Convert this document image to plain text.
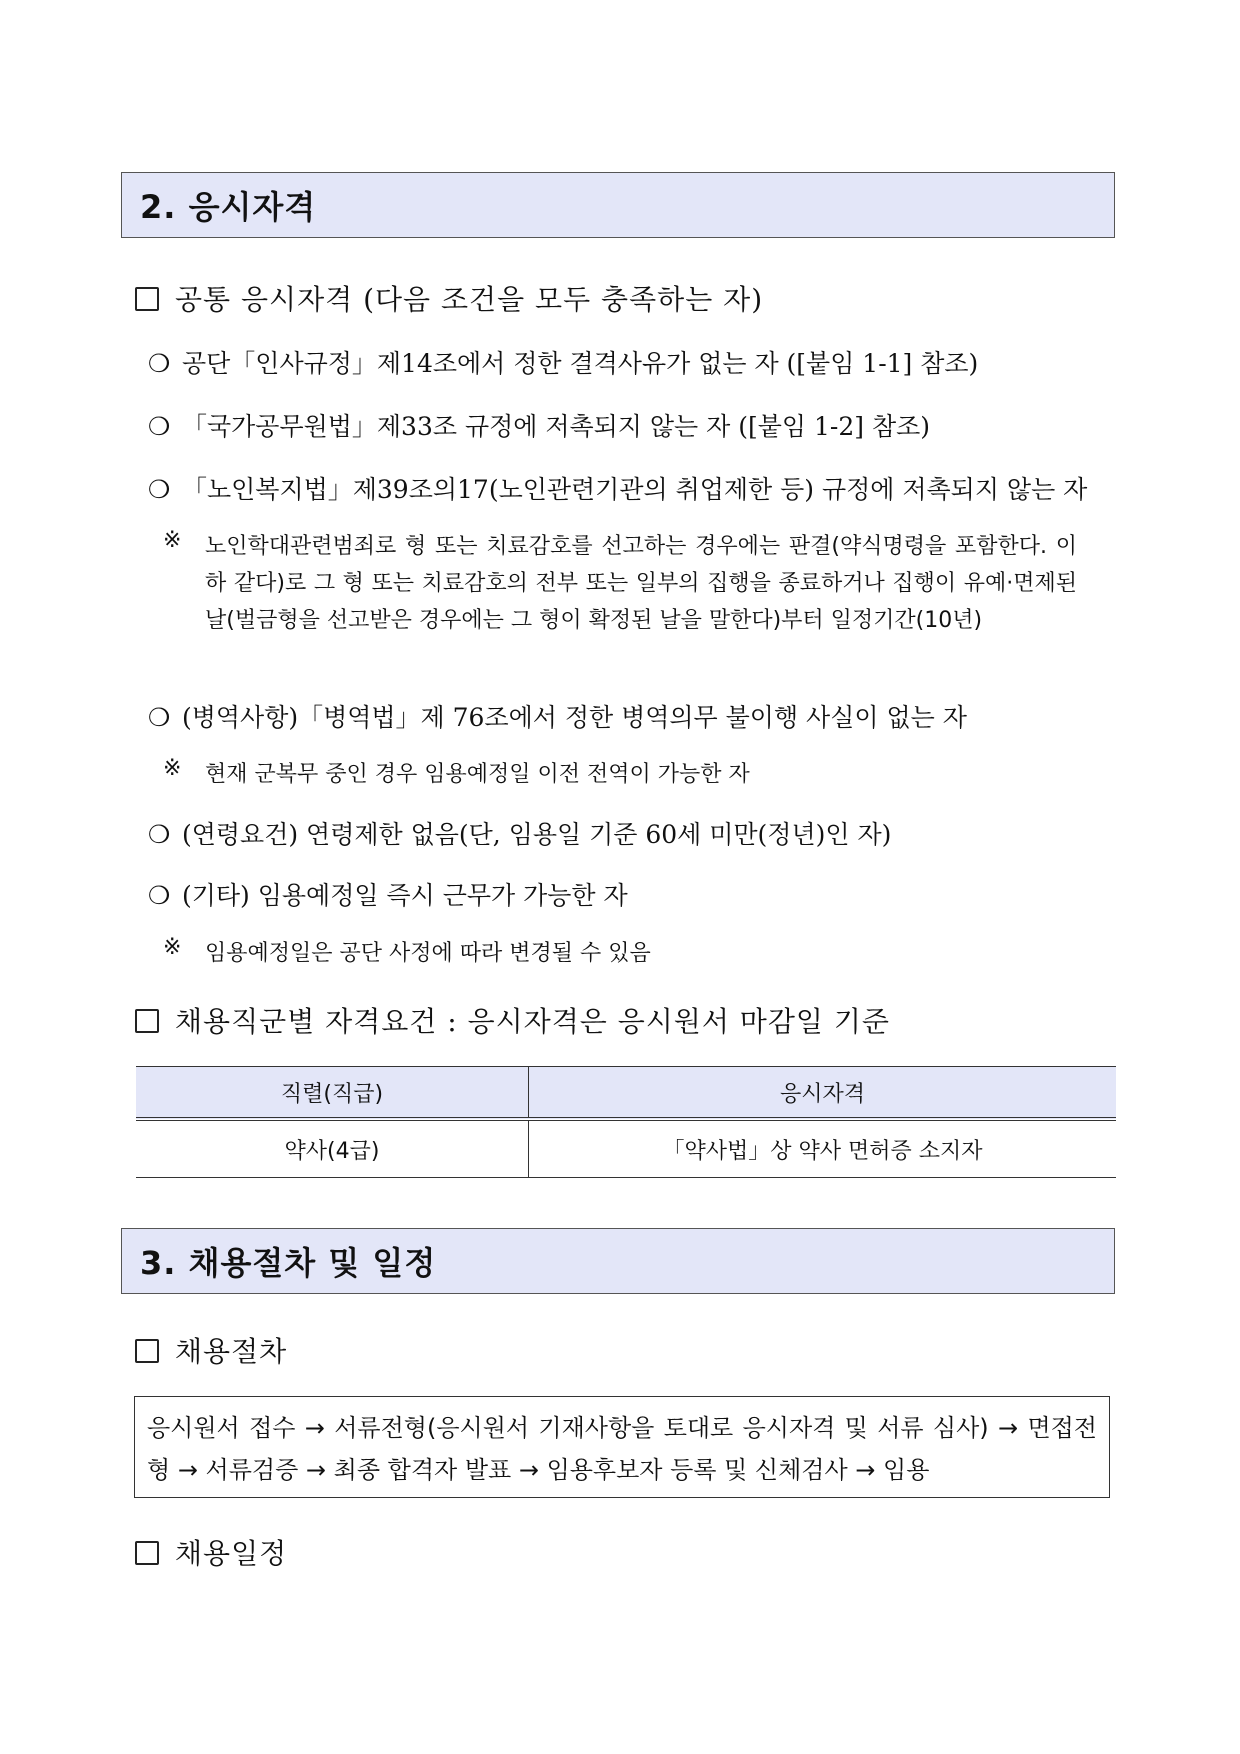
2. 응시자격
공통 응시자격 (다음 조건을 모두 충족하는 자)
❍ 공단「인사규정」제14조에서 정한 결격사유가 없는 자 ([붙임 1-1] 참조)
❍ 「국가공무원법」제33조 규정에 저촉되지 않는 자 ([붙임 1-2] 참조)
❍ 「노인복지법」제39조의17(노인관련기관의 취업제한 등) 규정에 저촉되지 않는 자
※ 노인학대관련범죄로 형 또는 치료감호를 선고하는 경우에는 판결(약식명령을 포함한다. 이하 같다)로 그 형 또는 치료감호의 전부 또는 일부의 집행을 종료하거나 집행이 유예·면제된 날(벌금형을 선고받은 경우에는 그 형이 확정된 날을 말한다)부터 일정기간(10년)
❍ (병역사항)「병역법」제 76조에서 정한 병역의무 불이행 사실이 없는 자
※ 현재 군복무 중인 경우 임용예정일 이전 전역이 가능한 자
❍ (연령요건) 연령제한 없음(단, 임용일 기준 60세 미만(정년)인 자)
❍ (기타) 임용예정일 즉시 근무가 가능한 자
※ 임용예정일은 공단 사정에 따라 변경될 수 있음
채용직군별 자격요건 : 응시자격은 응시원서 마감일 기준
직렬(직급)	응시자격
약사(4급)	「약사법」상 약사 면허증 소지자
3. 채용절차 및 일정
채용절차
응시원서 접수 → 서류전형(응시원서 기재사항을 토대로 응시자격 및 서류 심사) → 면접전형 → 서류검증 → 최종 합격자 발표 → 임용후보자 등록 및 신체검사 → 임용
채용일정
